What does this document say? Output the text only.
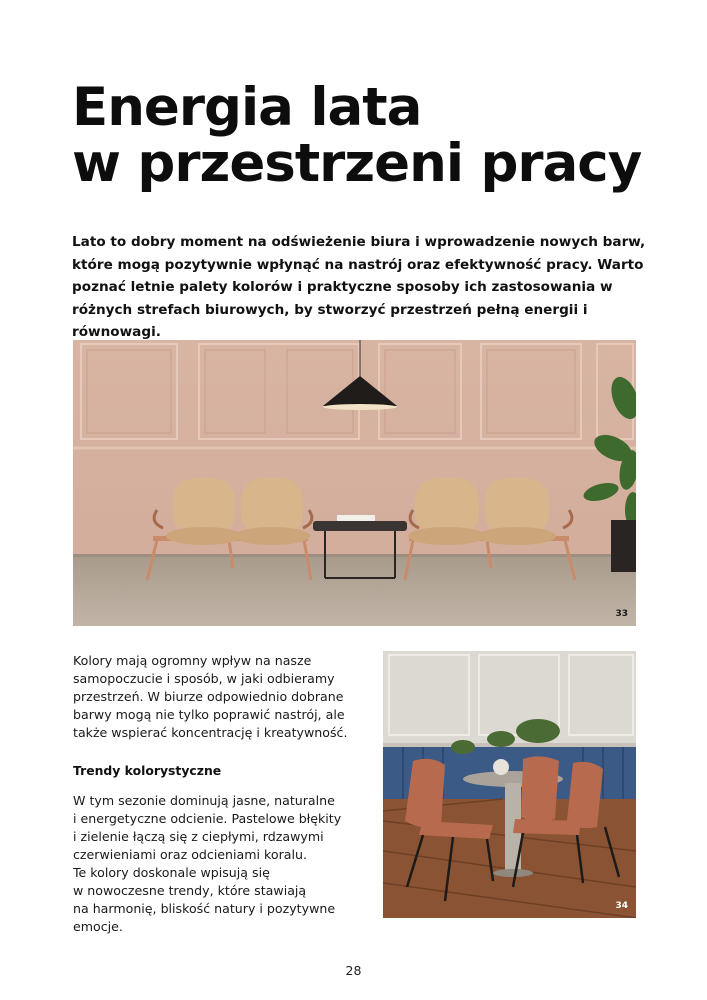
Energia lata
w przestrzeni pracy

Lato to dobry moment na odświeżenie biura i wprowadzenie nowych barw, które mogą pozytywnie wpłynąć na nastrój oraz efektywność pracy. Warto poznać letnie palety kolorów i praktyczne sposoby ich zastosowania w różnych strefach biurowych, by stworzyć przestrzeń pełną energii i równowagi.

33
34
Kolory mają ogromny wpływ na nasze
samopoczucie i sposób, w jaki odbieramy
przestrzeń. W biurze odpowiednio dobrane
barwy mogą nie tylko poprawić nastrój, ale
także wspierać koncentrację i kreatywność.
Trendy kolorystyczne
W tym sezonie dominują jasne, naturalne
i energetyczne odcienie. Pastelowe błękity
i zielenie łączą się z ciepłymi, rdzawymi
czerwieniami oraz odcieniami koralu.
Te kolory doskonale wpisują się
w nowoczesne trendy, które stawiają
na harmonię, bliskość natury i pozytywne
emocje.
28
